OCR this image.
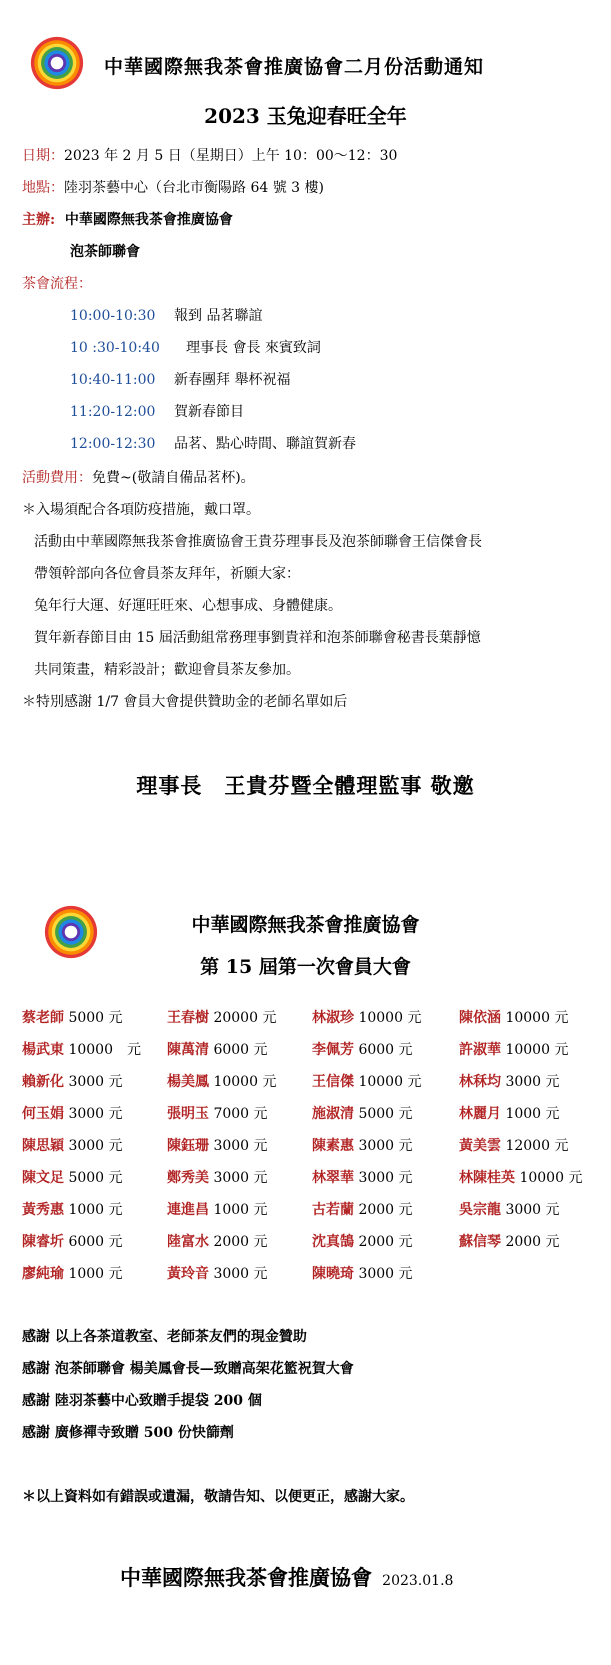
中華國際無我茶會推廣協會二月份活動通知
2023 玉兔迎春旺全年
日期：2023 年 2 月 5 日（星期日）上午 10：00～12：30
地點：陸羽茶藝中心（台北市衡陽路 64 號 3 樓)
主辦: 中華國際無我茶會推廣協會
泡茶師聯會
茶會流程：
10:00-10:30 報到 品茗聯誼
10 :30-10:40 理事長 會長 來賓致詞
10:40-11:00 新春團拜 舉杯祝福
11:20-12:00 賀新春節目
12:00-12:30 品茗、點心時間、聯誼賀新春
活動費用：免費~(敬請自備品茗杯)。
＊入場須配合各項防疫措施，戴口罩。
活動由中華國際無我茶會推廣協會王貴芬理事長及泡茶師聯會王信傑會長
帶領幹部向各位會員茶友拜年，祈願大家：
兔年行大運、好運旺旺來、心想事成、身體健康。
賀年新春節目由 15 屆活動組常務理事劉貴祥和泡茶師聯會秘書長葉靜憶
共同策畫，精彩設計；歡迎會員茶友參加。
＊特別感謝 1/7 會員大會提供贊助金的老師名單如后
理事長　王貴芬暨全體理監事 敬邀
中華國際無我茶會推廣協會
第 15 屆第一次會員大會
蔡老師 5000 元	王春樹 20000 元	林淑珍 10000 元	陳依涵 10000 元
楊武東 10000　元 陳萬清 6000 元	李佩芳 6000 元	許淑華 10000 元
賴新化 3000 元	楊美鳳 10000 元	王信傑 10000 元	林秝均 3000 元
何玉娟 3000 元	張明玉 7000 元	施淑清 5000 元	林麗月 1000 元
陳思穎 3000 元	陳鈺珊 3000 元	陳素惠 3000 元	黃美雲 12000 元
陳文足 5000 元	鄭秀美 3000 元	林翠華 3000 元	林陳桂英 10000 元
黃秀惠 1000 元	連進昌 1000 元	古若蘭 2000 元	吳宗龍 3000 元
陳睿圻 6000 元	陸富水 2000 元	沈真鵠 2000 元	蘇信琴 2000 元
廖純瑜 1000 元	黃玲音 3000 元	陳曉琦 3000 元
感謝 以上各茶道教室、老師茶友們的現金贊助
感謝 泡茶師聯會 楊美鳳會長—致贈高架花籃祝賀大會
感謝 陸羽茶藝中心致贈手提袋 200 個
感謝 廣修禪寺致贈 500 份快篩劑
＊以上資料如有錯誤或遺漏，敬請告知、以便更正，感謝大家。
中華國際無我茶會推廣協會 2023.01.8
